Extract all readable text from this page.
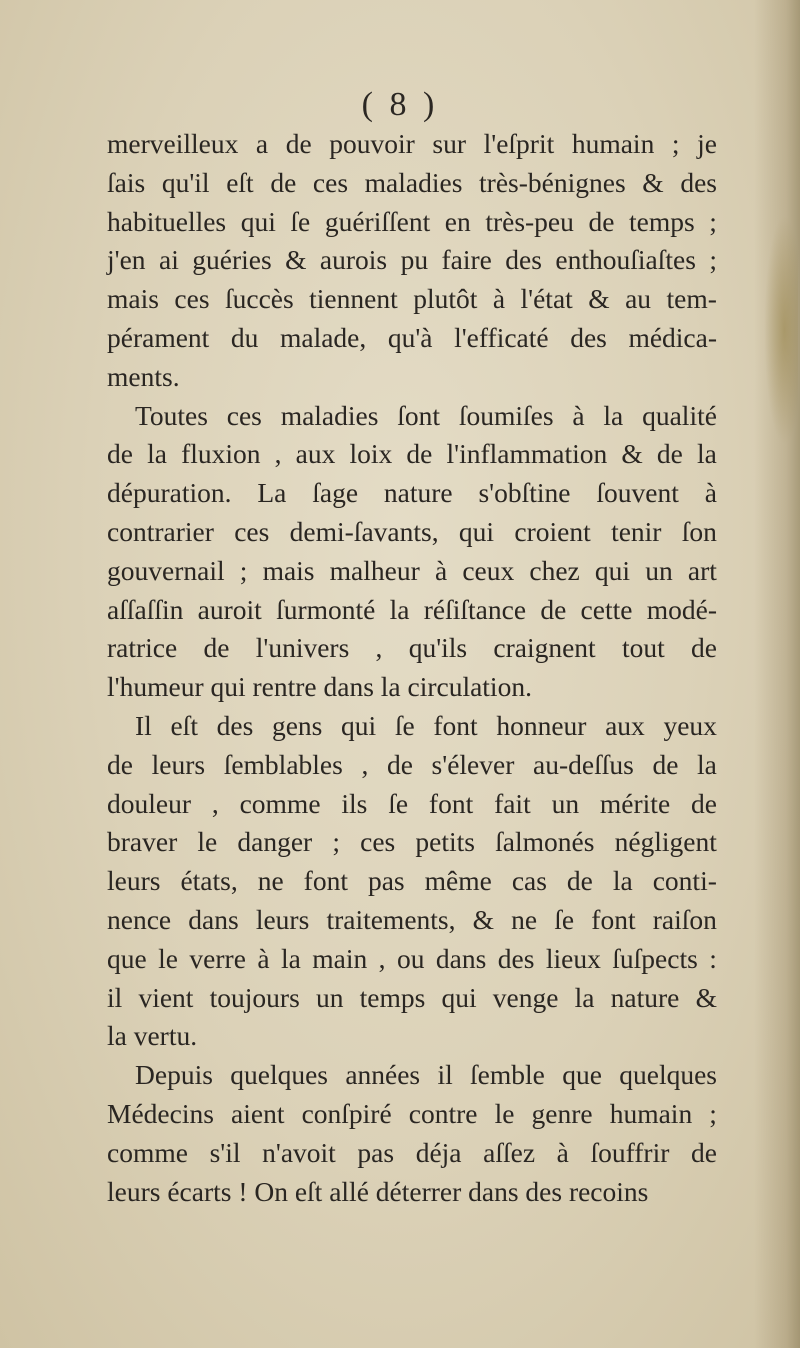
( 8 )
merveilleux a de pouvoir sur l'eſprit humain ; je
ſais qu'il eſt de ces maladies très-bénignes & des
habituelles qui ſe guériſſent en très-peu de temps ;
j'en ai guéries & aurois pu faire des enthouſiaſtes ;
mais ces ſuccès tiennent plutôt à l'état & au tem-
pérament du malade, qu'à l'efficaté des médica-
ments.
Toutes ces maladies ſont ſoumiſes à la qualité
de la fluxion , aux loix de l'inflammation & de la
dépuration. La ſage nature s'obſtine ſouvent à
contrarier ces demi-ſavants, qui croient tenir ſon
gouvernail ; mais malheur à ceux chez qui un art
aſſaſſin auroit ſurmonté la réſiſtance de cette modé-
ratrice de l'univers , qu'ils craignent tout de
l'humeur qui rentre dans la circulation.
Il eſt des gens qui ſe font honneur aux yeux
de leurs ſemblables , de s'élever au-deſſus de la
douleur , comme ils ſe font fait un mérite de
braver le danger ; ces petits ſalmonés négligent
leurs états, ne font pas même cas de la conti-
nence dans leurs traitements, & ne ſe font raiſon
que le verre à la main , ou dans des lieux ſuſpects :
il vient toujours un temps qui venge la nature &
la vertu.
Depuis quelques années il ſemble que quelques
Médecins aient conſpiré contre le genre humain ;
comme s'il n'avoit pas déja aſſez à ſouffrir de
leurs écarts ! On eſt allé déterrer dans des recoins
